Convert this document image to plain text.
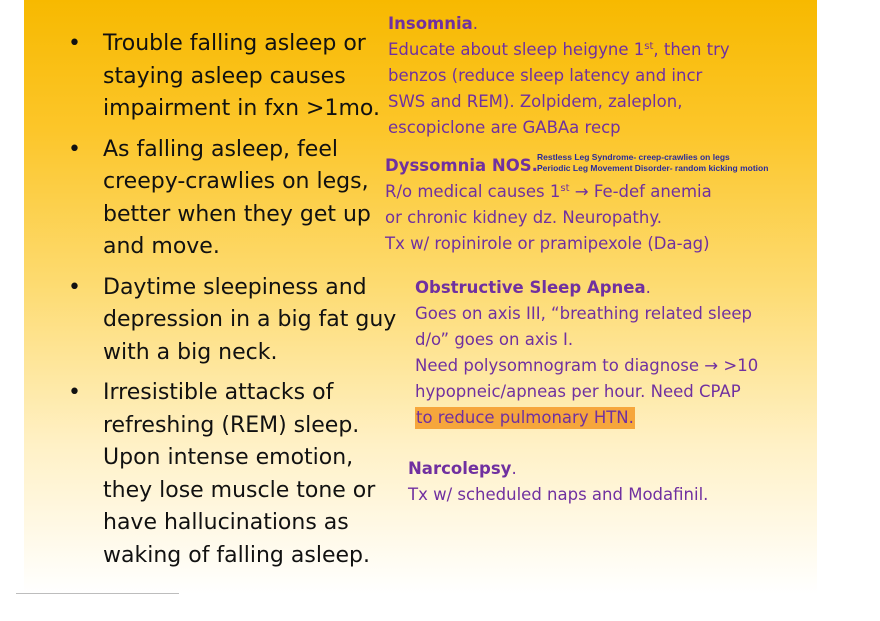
• Trouble falling asleep or staying asleep causes impairment in fxn >1mo.
• As falling asleep, feel creepy-crawlies on legs, better when they get up and move.
• Daytime sleepiness and depression in a big fat guy with a big neck.
• Irresistible attacks of refreshing (REM) sleep. Upon intense emotion, they lose muscle tone or have hallucinations as waking of falling asleep.

Insomnia.

Educate about sleep heigyne 1st, then try

benzos (reduce sleep latency and incr

SWS and REM). Zolpidem, zaleplon,

escopiclone are GABAa recp

Dyssomnia NOS. Restless Leg Syndrome- creep-crawlies on legs
Periodic Leg Movement Disorder- random kicking motion

R/o medical causes 1st → Fe-def anemia

or chronic kidney dz. Neuropathy.

Tx w/ ropinirole or pramipexole (Da-ag)

Obstructive Sleep Apnea.

Goes on axis III, “breathing related sleep

d/o” goes on axis I.

Need polysomnogram to diagnose → >10

hypopneic/apneas per hour. Need CPAP

to reduce pulmonary HTN.

Narcolepsy.

Tx w/ scheduled naps and Modafinil.
